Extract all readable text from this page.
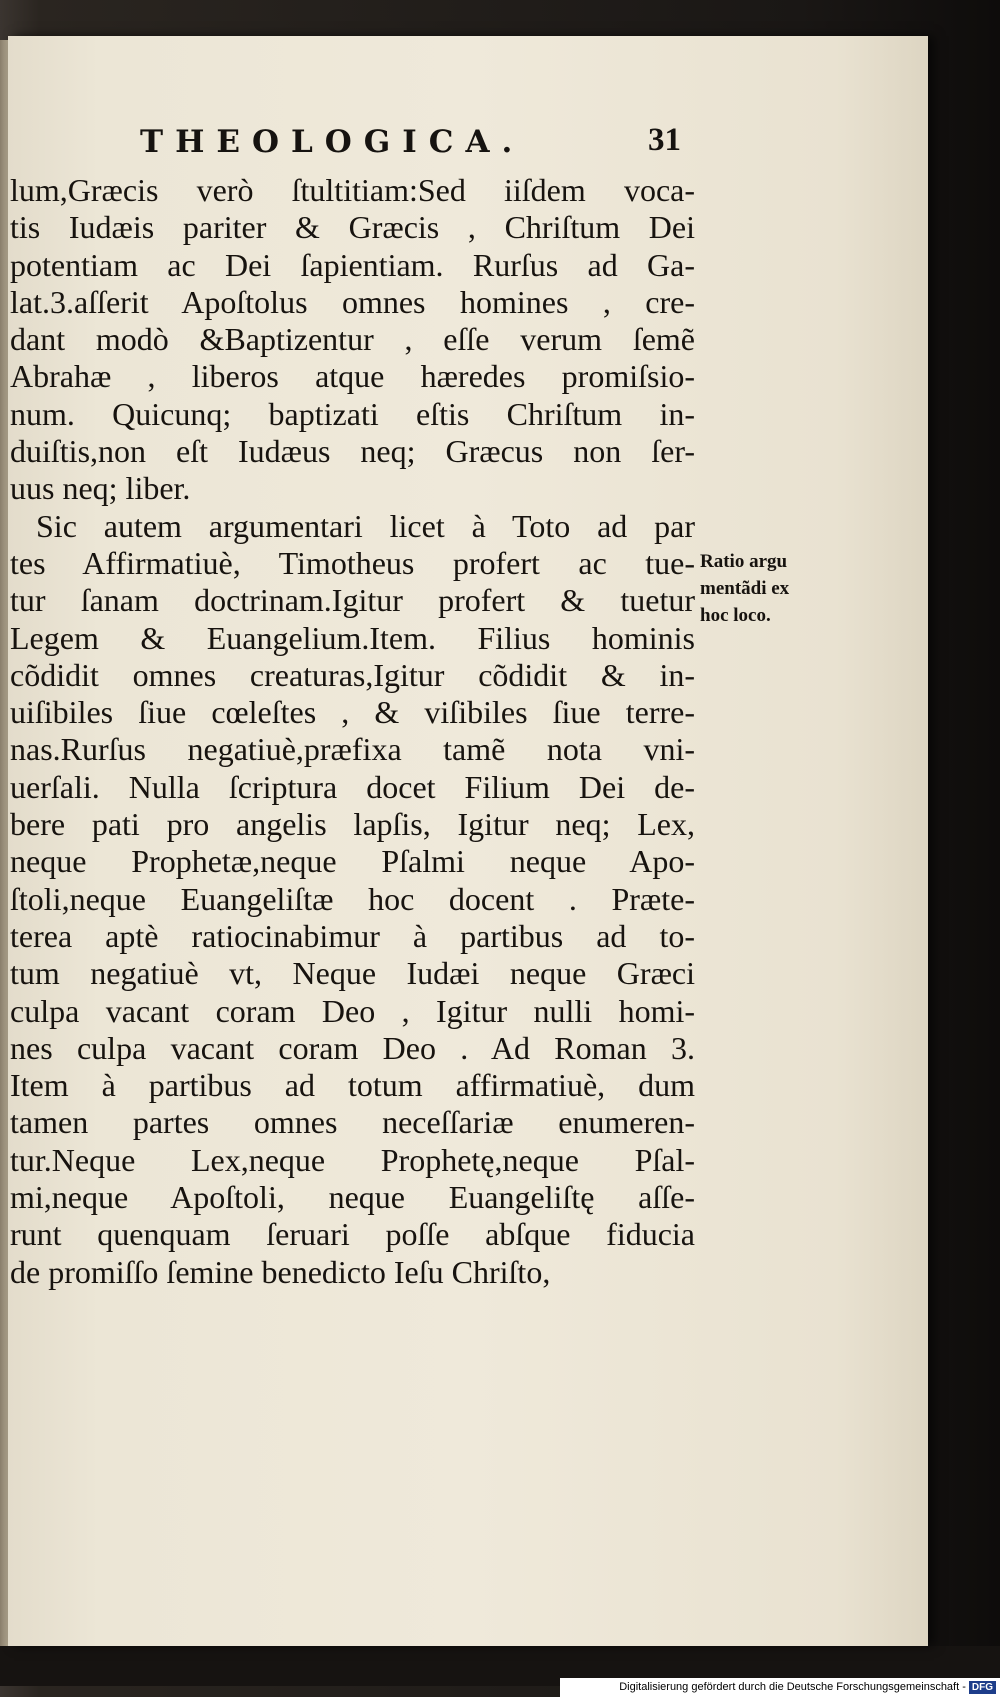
THEOLOGICA.	31
lum,Græcis verò ſtultitiam:Sed iiſdem voca-
tis Iudæis pariter & Græcis , Chriſtum Dei
potentiam ac Dei ſapientiam. Rurſus ad Ga-
lat.3.aſſerit Apoſtolus omnes homines , cre-
dant modò &Baptizentur , eſſe verum ſemẽ
Abrahæ , liberos atque hæredes promiſsio-
num. Quicunq; baptizati eſtis Chriſtum in-
duiſtis,non eſt Iudæus neq; Græcus non ſer-
uus neq; liber.
Sic autem argumentari licet à Toto ad par
tes Affirmatiuè, Timotheus profert ac tue-
tur ſanam doctrinam.Igitur profert & tuetur
Legem & Euangelium.Item. Filius hominis
cõdidit omnes creaturas,Igitur cõdidit & in-
uiſibiles ſiue cœleſtes , & viſibiles ſiue terre-
nas.Rurſus negatiuè,præfixa tamẽ nota vni-
uerſali. Nulla ſcriptura docet Filium Dei de-
bere pati pro angelis lapſis, Igitur neq; Lex,
neque Prophetæ,neque Pſalmi neque Apo-
ſtoli,neque Euangeliſtæ hoc docent . Præte-
terea aptè ratiocinabimur à partibus ad to-
tum negatiuè vt, Neque Iudæi neque Græci
culpa vacant coram Deo , Igitur nulli homi-
nes culpa vacant coram Deo . Ad Roman 3.
Item à partibus ad totum affirmatiuè, dum
tamen partes omnes neceſſariæ enumeren-
tur.Neque Lex,neque Prophetę,neque Pſal-
mi,neque Apoſtoli, neque Euangeliſtę aſſe-
runt quenquam ſeruari poſſe abſque fiducia
de promiſſo ſemine benedicto Ieſu Chriſto,
Ratio argu
mentãdi ex
hoc loco.
Digitalisierung gefördert durch die Deutsche Forschungsgemeinschaft - DFG
